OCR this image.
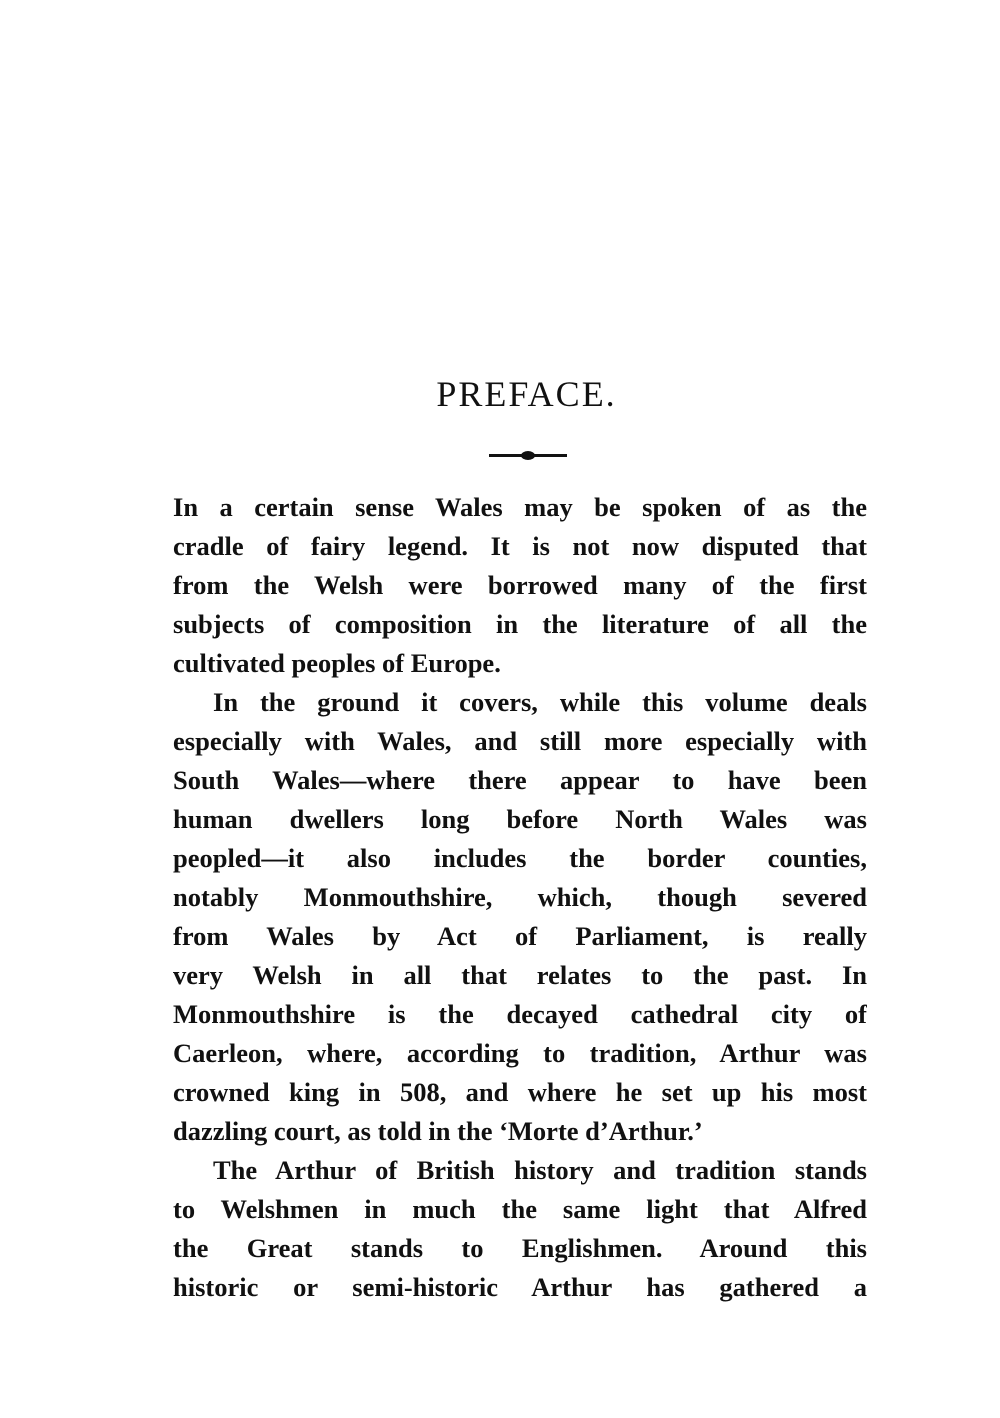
PREFACE.
In a certain sense Wales may be spoken of as the
cradle of fairy legend. It is not now disputed that
from the Welsh were borrowed many of the first
subjects of composition in the literature of all the
cultivated peoples of Europe.
In the ground it covers, while this volume deals
especially with Wales, and still more especially with
South Wales—where there appear to have been
human dwellers long before North Wales was
peopled—it also includes the border counties,
notably Monmouthshire, which, though severed
from Wales by Act of Parliament, is really
very Welsh in all that relates to the past. In
Monmouthshire is the decayed cathedral city of
Caerleon, where, according to tradition, Arthur was
crowned king in 508, and where he set up his most
dazzling court, as told in the ‘Morte d’Arthur.’
The Arthur of British history and tradition stands
to Welshmen in much the same light that Alfred
the Great stands to Englishmen. Around this
historic or semi-historic Arthur has gathered a
